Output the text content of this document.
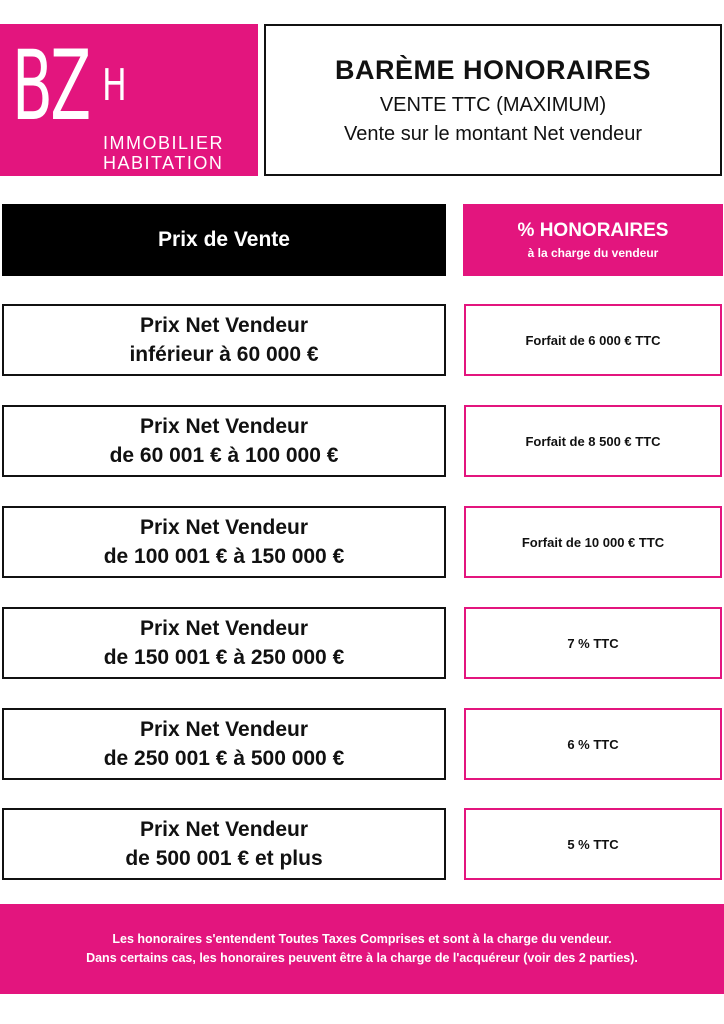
BZ H
IMMOBILIER
HABITATION
BARÈME HONORAIRES
VENTE TTC (MAXIMUM)
Vente sur le montant Net vendeur
Prix de Vente	% HONORAIRES
à la charge du vendeur
Prix Net Vendeur
inférieur à 60 000 €
Forfait de 6 000 € TTC
Prix Net Vendeur
de 60 001 € à 100 000 €
Forfait de 8 500 € TTC
Prix Net Vendeur
de 100 001 € à 150 000 €
Forfait de 10 000 € TTC
Prix Net Vendeur
de 150 001 € à 250 000 €
7 % TTC
Prix Net Vendeur
de 250 001 € à 500 000 €
6 % TTC
Prix Net Vendeur
de 500 001 € et plus
5 % TTC
Les honoraires s'entendent Toutes Taxes Comprises et sont à la charge du vendeur.
Dans certains cas, les honoraires peuvent être à la charge de l'acquéreur (voir des 2 parties).
